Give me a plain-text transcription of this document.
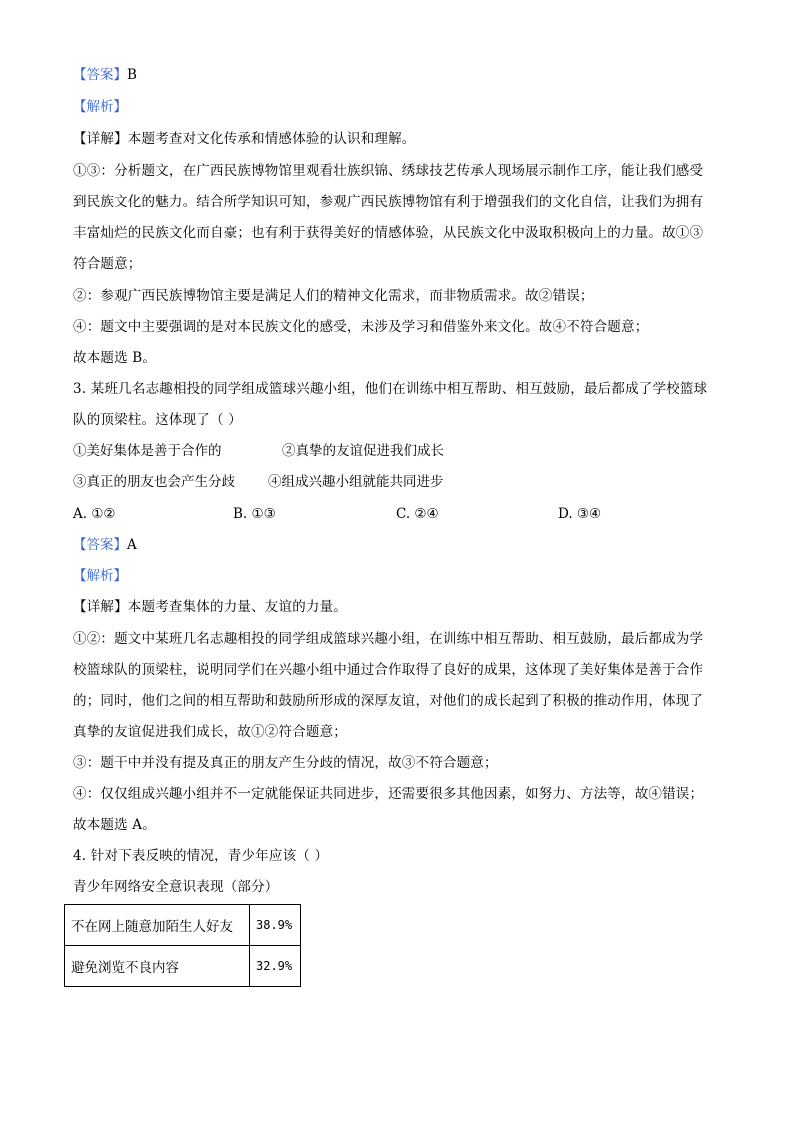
【答案】B
【解析】
【详解】本题考查对文化传承和情感体验的认识和理解。
①③：分析题文，在广西民族博物馆里观看壮族织锦、绣球技艺传承人现场展示制作工序，能让我们感受
到民族文化的魅力。结合所学知识可知，参观广西民族博物馆有利于增强我们的文化自信，让我们为拥有
丰富灿烂的民族文化而自豪；也有利于获得美好的情感体验，从民族文化中汲取积极向上的力量。故①③
符合题意；
②：参观广西民族博物馆主要是满足人们的精神文化需求，而非物质需求。故②错误；
④：题文中主要强调的是对本民族文化的感受，未涉及学习和借鉴外来文化。故④不符合题意；
故本题选 B。
3. 某班几名志趣相投的同学组成篮球兴趣小组，他们在训练中相互帮助、相互鼓励，最后都成了学校篮球
队的顶梁柱。这体现了（ ）
①美好集体是善于合作的	②真挚的友谊促进我们成长
③真正的朋友也会产生分歧 ④组成兴趣小组就能共同进步
A. ①②	B. ①③	C. ②④	D. ③④
【答案】A
【解析】
【详解】本题考查集体的力量、友谊的力量。
①②：题文中某班几名志趣相投的同学组成篮球兴趣小组，在训练中相互帮助、相互鼓励，最后都成为学
校篮球队的顶梁柱，说明同学们在兴趣小组中通过合作取得了良好的成果，这体现了美好集体是善于合作
的；同时，他们之间的相互帮助和鼓励所形成的深厚友谊，对他们的成长起到了积极的推动作用，体现了
真挚的友谊促进我们成长，故①②符合题意；
③：题干中并没有提及真正的朋友产生分歧的情况，故③不符合题意；
④：仅仅组成兴趣小组并不一定就能保证共同进步，还需要很多其他因素，如努力、方法等，故④错误；
故本题选 A。
4. 针对下表反映的情况，青少年应该（ ）
青少年网络安全意识表现（部分）
不在网上随意加陌生人好友	38.9%
避免浏览不良内容	32.9%
